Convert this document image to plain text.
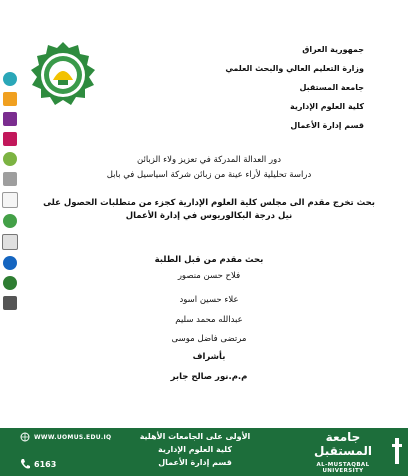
جمهورية العراق
وزارة التعليم العالي والبحث العلمي
جامعة المستقبل
كلية العلوم الإدارية
قسم إدارة الأعمال
دور العدالة المدركة في تعزيز ولاء الزبائن
دراسة تحليلية لأراء عينة من زبائن شركة اسياسيل في بابل
بحث تخرج مقدم الى مجلس كلية العلوم الإدارية كجزء من متطلبات الحصول على
نيل درجة البكالوريوس في إدارة الأعمال
بحث مقدم من قبل الطلبة
فلاح حسن منصور
علاء حسين اسود
عبدالله محمد سليم
مرتضى فاضل موسى
بأشراف
م.م.نور صالح جابر
WWW.UOMUS.EDU.IQ
6163
الأولى على الجامعات الأهلية
كلية العلوم الإدارية
قسم إدارة الأعمال
جامعة المستقبل
AL-MUSTAQBAL UNIVERSITY
